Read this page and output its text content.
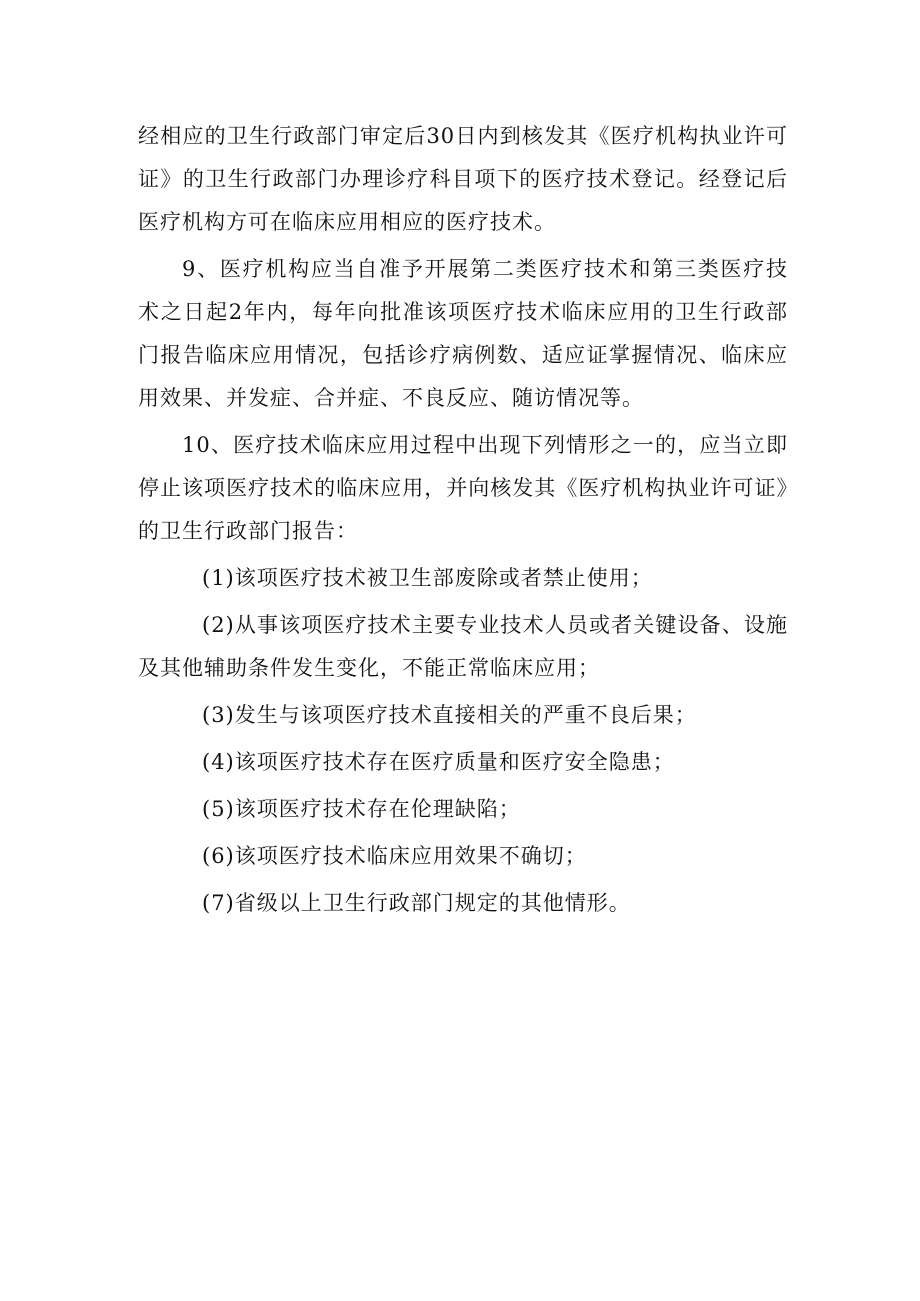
经相应的卫生行政部门审定后30日内到核发其《医疗机构执业许可证》的卫生行政部门办理诊疗科目项下的医疗技术登记。经登记后医疗机构方可在临床应用相应的医疗技术。

9、医疗机构应当自准予开展第二类医疗技术和第三类医疗技术之日起2年内，每年向批准该项医疗技术临床应用的卫生行政部门报告临床应用情况，包括诊疗病例数、适应证掌握情况、临床应用效果、并发症、合并症、不良反应、随访情况等。

10、医疗技术临床应用过程中出现下列情形之一的，应当立即停止该项医疗技术的临床应用，并向核发其《医疗机构执业许可证》的卫生行政部门报告：

(1)该项医疗技术被卫生部废除或者禁止使用；

(2)从事该项医疗技术主要专业技术人员或者关键设备、设施及其他辅助条件发生变化，不能正常临床应用；

(3)发生与该项医疗技术直接相关的严重不良后果；

(4)该项医疗技术存在医疗质量和医疗安全隐患；

(5)该项医疗技术存在伦理缺陷；

(6)该项医疗技术临床应用效果不确切；

(7)省级以上卫生行政部门规定的其他情形。
